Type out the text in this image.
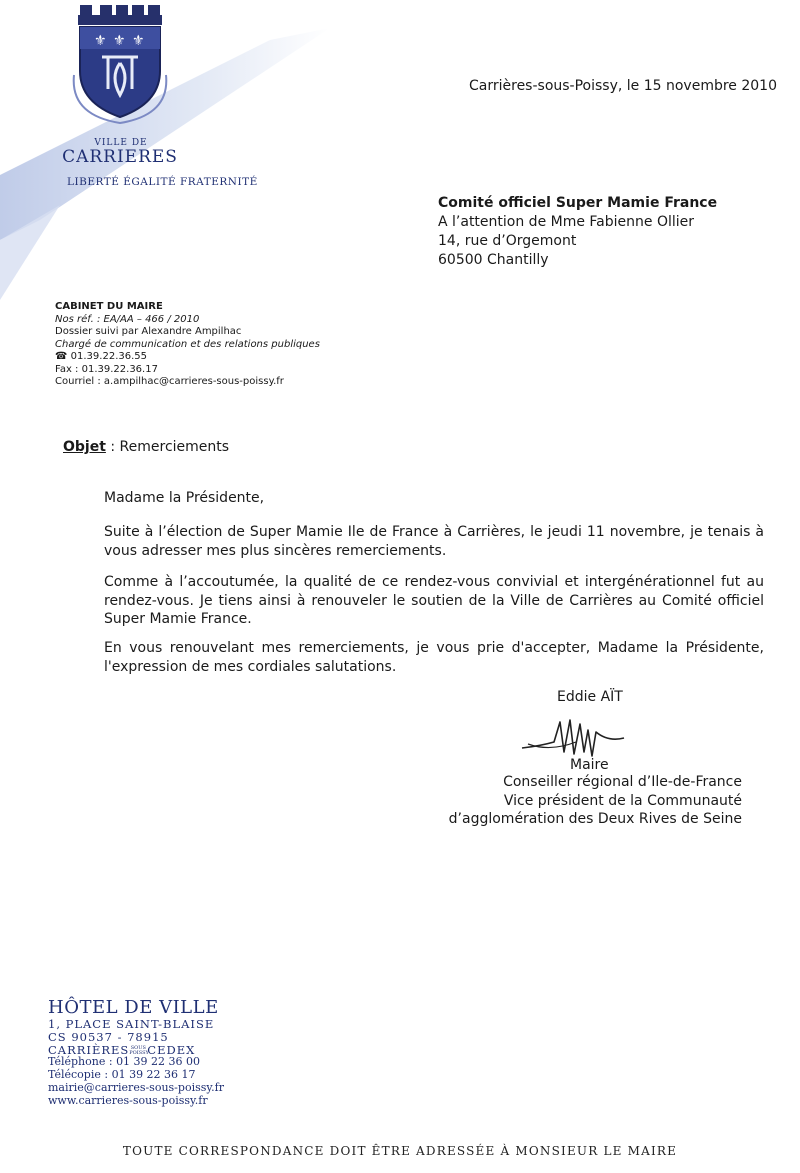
⚜ ⚜ ⚜
VILLE DE
CARRIERES
LIBERTÉ ÉGALITÉ FRATERNITÉ
Carrières-sous-Poissy, le 15 novembre 2010
Comité officiel Super Mamie France
A l’attention de Mme Fabienne Ollier
14, rue d’Orgemont
60500 Chantilly
CABINET DU MAIRE
Nos réf. : EA/AA – 466 / 2010
Dossier suivi par Alexandre Ampilhac
Chargé de communication et des relations publiques
☎ 01.39.22.36.55
Fax : 01.39.22.36.17
Courriel : a.ampilhac@carrieres-sous-poissy.fr
Objet : Remerciements
Madame la Présidente,
Suite à l’élection de Super Mamie Ile de France à Carrières, le jeudi 11 novembre, je tenais à vous adresser mes plus sincères remerciements.
Comme à l’accoutumée, la qualité de ce rendez-vous convivial et intergénérationnel fut au rendez-vous. Je tiens ainsi à renouveler le soutien de la Ville de Carrières au Comité officiel Super Mamie France.
En vous renouvelant mes remerciements, je vous prie d'accepter, Madame la Présidente, l'expression de mes cordiales salutations.
Eddie AÏT
Maire
Conseiller régional d’Ile-de-France
Vice président de la Communauté
d’agglomération des Deux Rives de Seine
HÔTEL DE VILLE
1, PLACE SAINT-BLAISE
CS 90537 - 78915
CARRIÈRESSOUS POISSYCEDEX
Téléphone : 01 39 22 36 00
Télécopie : 01 39 22 36 17
mairie@carrieres-sous-poissy.fr
www.carrieres-sous-poissy.fr
TOUTE CORRESPONDANCE DOIT ÊTRE ADRESSÉE À MONSIEUR LE MAIRE
